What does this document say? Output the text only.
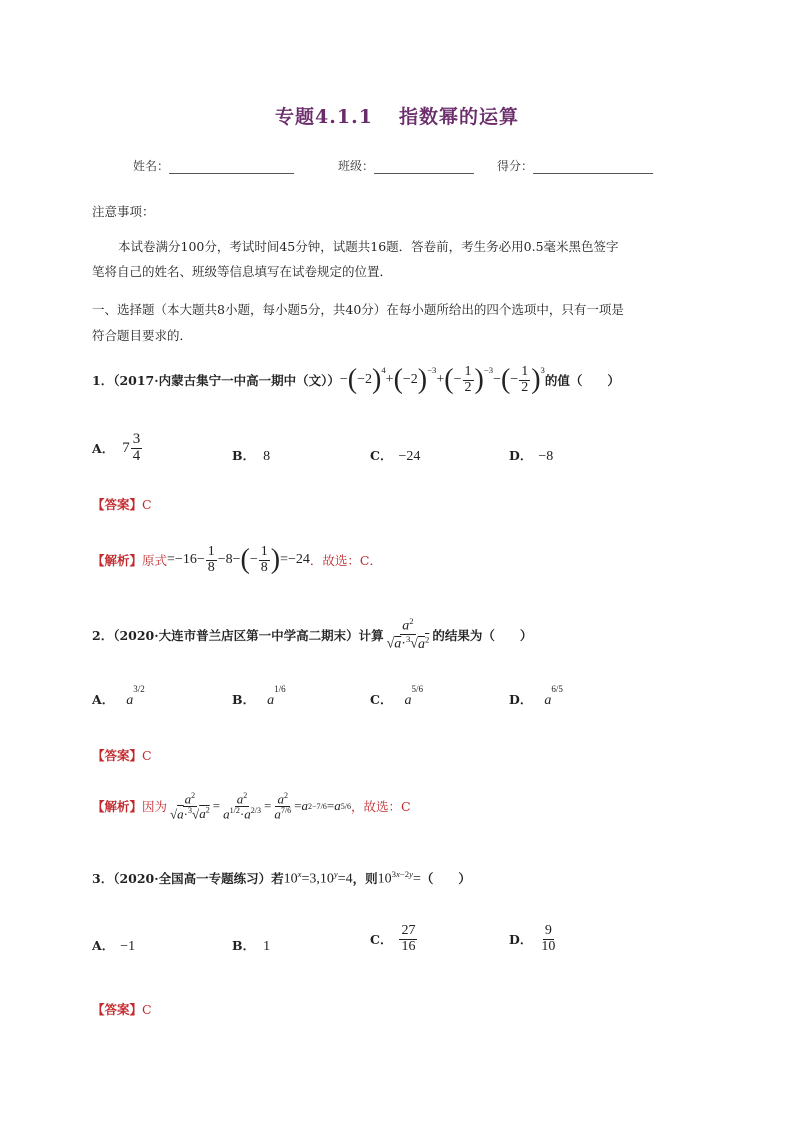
专题4.1.1 指数幂的运算
姓名：	班级：	得分：
注意事项：
本试卷满分100分，考试时间45分钟，试题共16题．答卷前，考生务必用0.5毫米黑色签字
笔将自己的姓名、班级等信息填写在试卷规定的位置．
一、选择题（本大题共8小题，每小题5分，共40分）在每小题所给出的四个选项中，只有一项是
符合题目要求的．
1．（2017·内蒙古集宁一中高一期中（文）） − ( −2 )$^4$
+ ( −2 )$^{-3}$
+ ( − $\frac{1}{2} )^{-3}$
− ( − $\frac{1}{2} )^3$
的值（　　）
A． $7 \frac{3}{4}$	B． 8	C． −24	D． −8
【答案】C
【解析】 原式 $=-16- \frac{1}{8} -8-$ ( − $\frac{1}{8}$ ) =−24 ．故选：C．
2．（2020·大连市普兰店区第一中学高二期末）计算 $\frac{a^2}{√a\cdot^3√a^2}$ 的结果为（　　）
A． $a^{3/2}$
B． $a^{1/6}$
C． $a^{5/6}$
D． $a^{6/5}$
【答案】C
【解析】 因为 $\frac{a^2}{√a\cdot^3√a^2} = \frac{a^2}{a^{1/2}\cdot a^{2/3}} = \frac{a^2}{a^{7/6}} = a$ 2−7/6 = a 5/6 ，故选：C
3．（2020·全国高一专题练习）若 $10^x=3,10^y=4$ ，则 $10^{3x-2y}=$ （　　）
A． −1	B． 1	C． $\frac{27}{16}$	D． $\frac{9}{10}$
【答案】C
